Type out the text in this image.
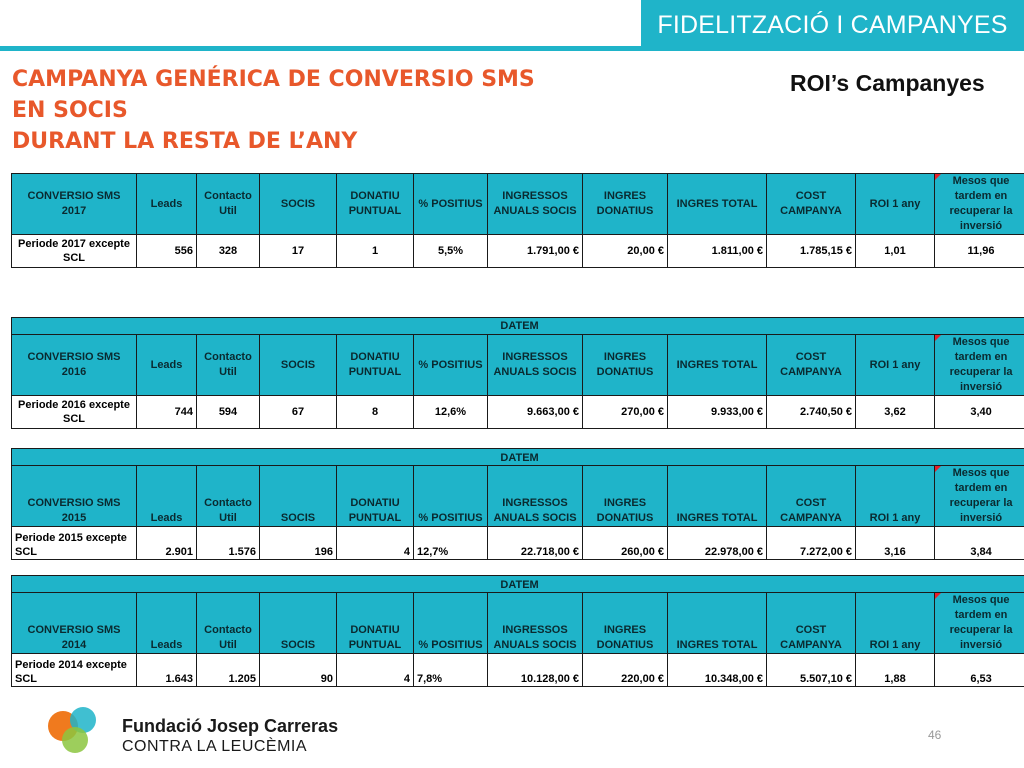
FIDELITZACIÓ I CAMPANYES
CAMPANYA GENÉRICA DE CONVERSIO SMS
EN SOCIS
DURANT LA RESTA DE L’ANY
ROI’s Campanyes
CONVERSIO SMS 2017	Leads	Contacto Util	SOCIS	DONATIU PUNTUAL	% POSITIUS	INGRESSOS ANUALS SOCIS	INGRES DONATIUS	INGRES TOTAL	COST CAMPANYA	ROI 1 any	Mesos que tardem en recuperar la inversió
Periode 2017 excepte SCL	556	328	17	1	5,5%	1.791,00 €	20,00 €	1.811,00 €	1.785,15 €	1,01	11,96
DATEM											
CONVERSIO SMS 2016	Leads	Contacto Util	SOCIS	DONATIU PUNTUAL	% POSITIUS	INGRESSOS ANUALS SOCIS	INGRES DONATIUS	INGRES TOTAL	COST CAMPANYA	ROI 1 any	Mesos que tardem en recuperar la inversió
Periode 2016 excepte SCL	744	594	67	8	12,6%	9.663,00 €	270,00 €	9.933,00 €	2.740,50 €	3,62	3,40
DATEM											
CONVERSIO SMS 2015	Leads	Contacto Util	SOCIS	DONATIU PUNTUAL	% POSITIUS	INGRESSOS ANUALS SOCIS	INGRES DONATIUS	INGRES TOTAL	COST CAMPANYA	ROI 1 any	Mesos que tardem en recuperar la inversió
Periode 2015 excepte SCL	2.901	1.576	196	4	12,7%	22.718,00 €	260,00 €	22.978,00 €	7.272,00 €	3,16	3,84
DATEM											
CONVERSIO SMS 2014	Leads	Contacto Util	SOCIS	DONATIU PUNTUAL	% POSITIUS	INGRESSOS ANUALS SOCIS	INGRES DONATIUS	INGRES TOTAL	COST CAMPANYA	ROI 1 any	Mesos que tardem en recuperar la inversió
Periode 2014 excepte SCL	1.643	1.205	90	4	7,8%	10.128,00 €	220,00 €	10.348,00 €	5.507,10 €	1,88	6,53
Fundació Josep Carreras
CONTRA LA LEUCÈMIA
46
